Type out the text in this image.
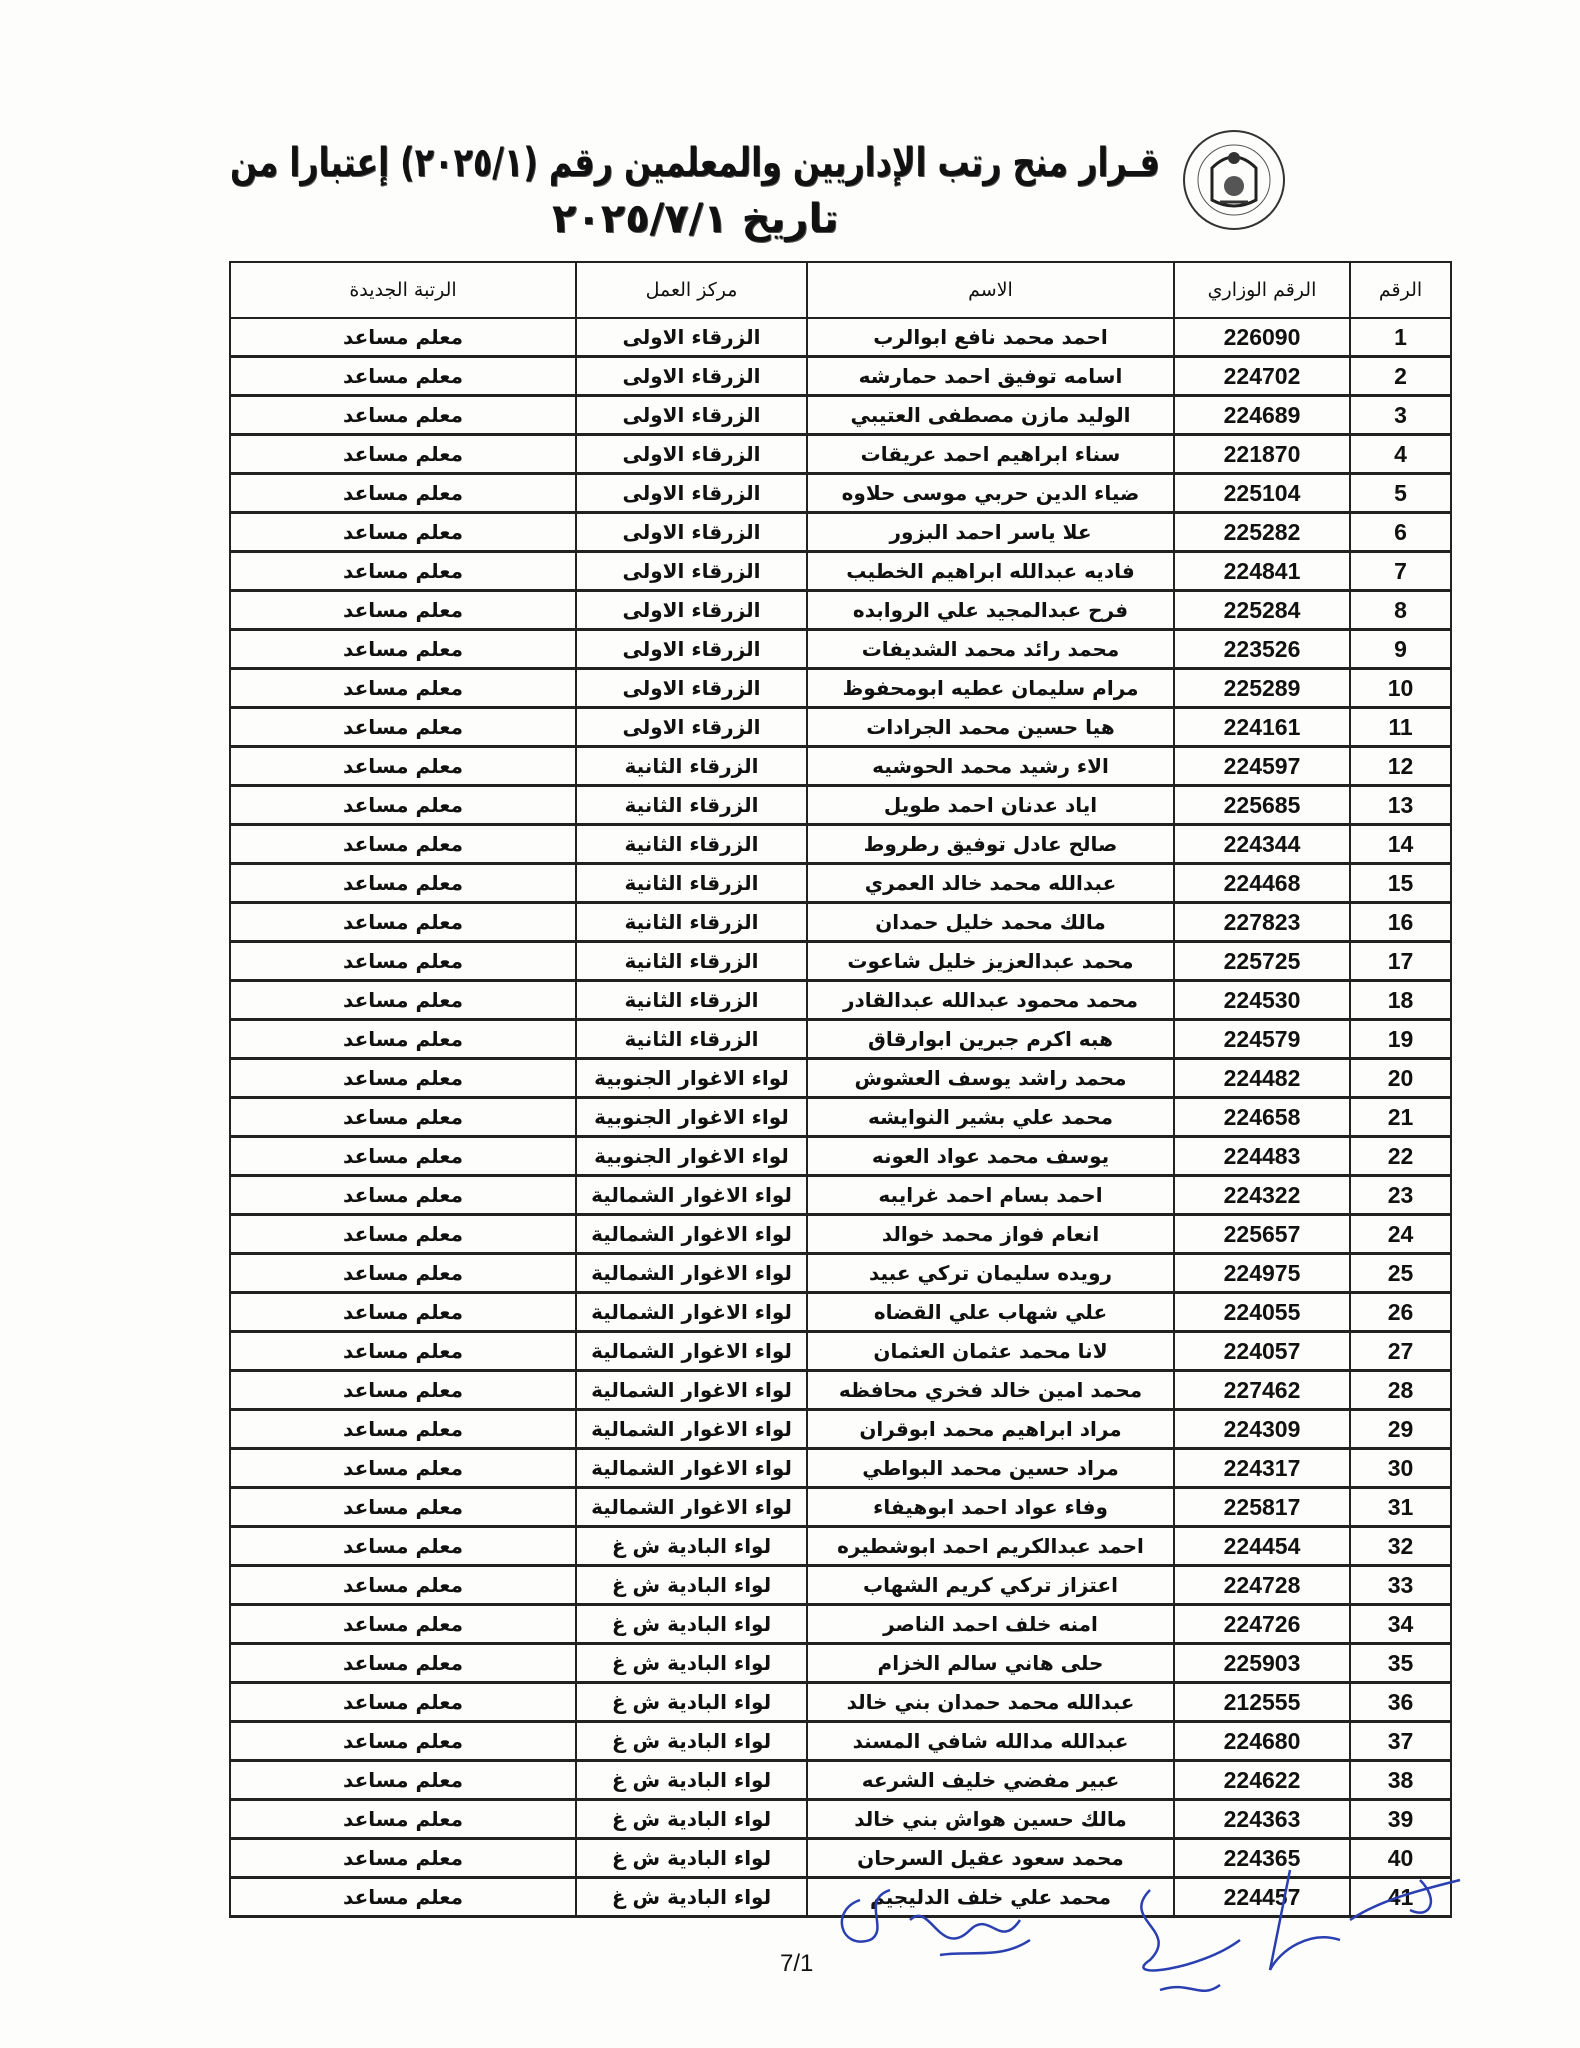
قـرار منح رتب الإداريين والمعلمين رقم (٢٠٢٥/١) إعتبارا من
تاريخ ٢٠٢٥/٧/١
الرقم	الرقم الوزاري	الاسم	مركز العمل	الرتبة الجديدة
1	226090	احمد محمد نافع ابوالرب	الزرقاء الاولى	معلم مساعد
2	224702	اسامه توفيق احمد حمارشه	الزرقاء الاولى	معلم مساعد
3	224689	الوليد مازن مصطفى العتيبي	الزرقاء الاولى	معلم مساعد
4	221870	سناء ابراهيم احمد عريقات	الزرقاء الاولى	معلم مساعد
5	225104	ضياء الدين حربي موسى حلاوه	الزرقاء الاولى	معلم مساعد
6	225282	علا ياسر احمد البزور	الزرقاء الاولى	معلم مساعد
7	224841	فاديه عبدالله ابراهيم الخطيب	الزرقاء الاولى	معلم مساعد
8	225284	فرح عبدالمجيد علي الروابده	الزرقاء الاولى	معلم مساعد
9	223526	محمد رائد محمد الشديفات	الزرقاء الاولى	معلم مساعد
10	225289	مرام سليمان عطيه ابومحفوظ	الزرقاء الاولى	معلم مساعد
11	224161	هيا حسين محمد الجرادات	الزرقاء الاولى	معلم مساعد
12	224597	الاء رشيد محمد الحوشيه	الزرقاء الثانية	معلم مساعد
13	225685	اياد عدنان احمد طويل	الزرقاء الثانية	معلم مساعد
14	224344	صالح عادل توفيق رطروط	الزرقاء الثانية	معلم مساعد
15	224468	عبدالله محمد خالد العمري	الزرقاء الثانية	معلم مساعد
16	227823	مالك محمد خليل حمدان	الزرقاء الثانية	معلم مساعد
17	225725	محمد عبدالعزيز خليل شاعوت	الزرقاء الثانية	معلم مساعد
18	224530	محمد محمود عبدالله عبدالقادر	الزرقاء الثانية	معلم مساعد
19	224579	هبه اكرم جبرين ابوارقاق	الزرقاء الثانية	معلم مساعد
20	224482	محمد راشد يوسف العشوش	لواء الاغوار الجنوبية	معلم مساعد
21	224658	محمد علي بشير النوايشه	لواء الاغوار الجنوبية	معلم مساعد
22	224483	يوسف محمد عواد العونه	لواء الاغوار الجنوبية	معلم مساعد
23	224322	احمد بسام احمد غرايبه	لواء الاغوار الشمالية	معلم مساعد
24	225657	انعام فواز محمد خوالد	لواء الاغوار الشمالية	معلم مساعد
25	224975	رويده سليمان تركي عبيد	لواء الاغوار الشمالية	معلم مساعد
26	224055	علي شهاب علي القضاه	لواء الاغوار الشمالية	معلم مساعد
27	224057	لانا محمد عثمان العثمان	لواء الاغوار الشمالية	معلم مساعد
28	227462	محمد امين خالد فخري محافظه	لواء الاغوار الشمالية	معلم مساعد
29	224309	مراد ابراهيم محمد ابوقران	لواء الاغوار الشمالية	معلم مساعد
30	224317	مراد حسين محمد البواطي	لواء الاغوار الشمالية	معلم مساعد
31	225817	وفاء عواد احمد ابوهيفاء	لواء الاغوار الشمالية	معلم مساعد
32	224454	احمد عبدالكريم احمد ابوشطيره	لواء البادية ش غ	معلم مساعد
33	224728	اعتزاز تركي كريم الشهاب	لواء البادية ش غ	معلم مساعد
34	224726	امنه خلف احمد الناصر	لواء البادية ش غ	معلم مساعد
35	225903	حلى هاني سالم الخزام	لواء البادية ش غ	معلم مساعد
36	212555	عبدالله محمد حمدان بني خالد	لواء البادية ش غ	معلم مساعد
37	224680	عبدالله مدالله شافي المسند	لواء البادية ش غ	معلم مساعد
38	224622	عبير مفضي خليف الشرعه	لواء البادية ش غ	معلم مساعد
39	224363	مالك حسين هواش بني خالد	لواء البادية ش غ	معلم مساعد
40	224365	محمد سعود عقيل السرحان	لواء البادية ش غ	معلم مساعد
41	224457	محمد علي خلف الدليجيم	لواء البادية ش غ	معلم مساعد
7/1
